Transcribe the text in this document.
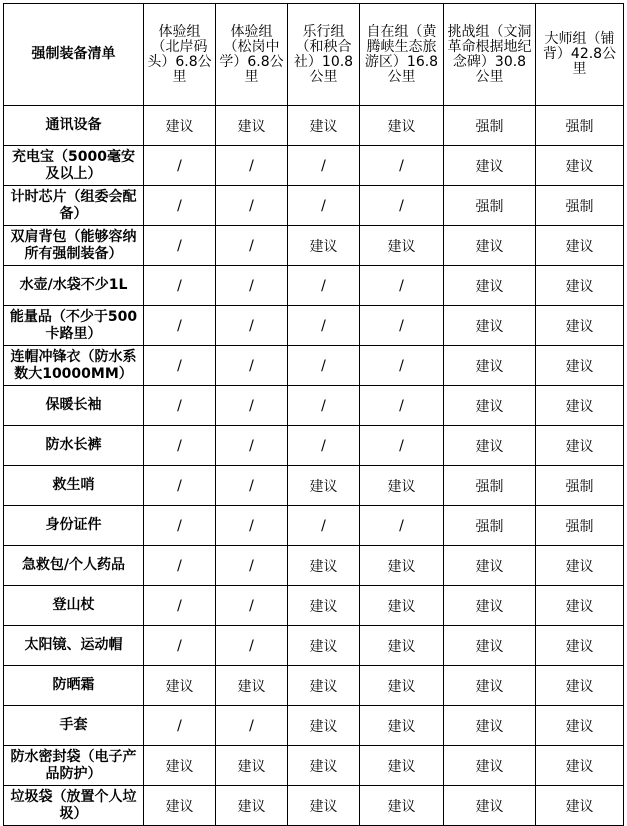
强制装备清单	体验组（北岸码头）6.8公里	体验组（松岗中学）6.8公里	乐行组（和秧合社）10.8公里	自在组（黄腾峡生态旅游区）16.8公里	挑战组（文洞革命根据地纪念碑）30.8公里	大师组（铺背）42.8公里
通讯设备	建议	建议	建议	建议	强制	强制
充电宝（5000毫安及以上）	/	/	/	/	建议	建议
计时芯片（组委会配备）	/	/	/	/	强制	强制
双肩背包（能够容纳所有强制装备）	/	/	建议	建议	建议	建议
水壶/水袋不少1L	/	/	/	/	建议	建议
能量品（不少于500卡路里）	/	/	/	/	建议	建议
连帽冲锋衣（防水系数大10000MM）	/	/	/	/	建议	建议
保暖长袖	/	/	/	/	建议	建议
防水长裤	/	/	/	/	建议	建议
救生哨	/	/	建议	建议	强制	强制
身份证件	/	/	/	/	强制	强制
急救包/个人药品	/	/	建议	建议	建议	建议
登山杖	/	/	建议	建议	建议	建议
太阳镜、运动帽	/	/	建议	建议	建议	建议
防晒霜	建议	建议	建议	建议	建议	建议
手套	/	/	建议	建议	建议	建议
防水密封袋（电子产品防护）	建议	建议	建议	建议	建议	建议
垃圾袋（放置个人垃圾）	建议	建议	建议	建议	建议	建议
